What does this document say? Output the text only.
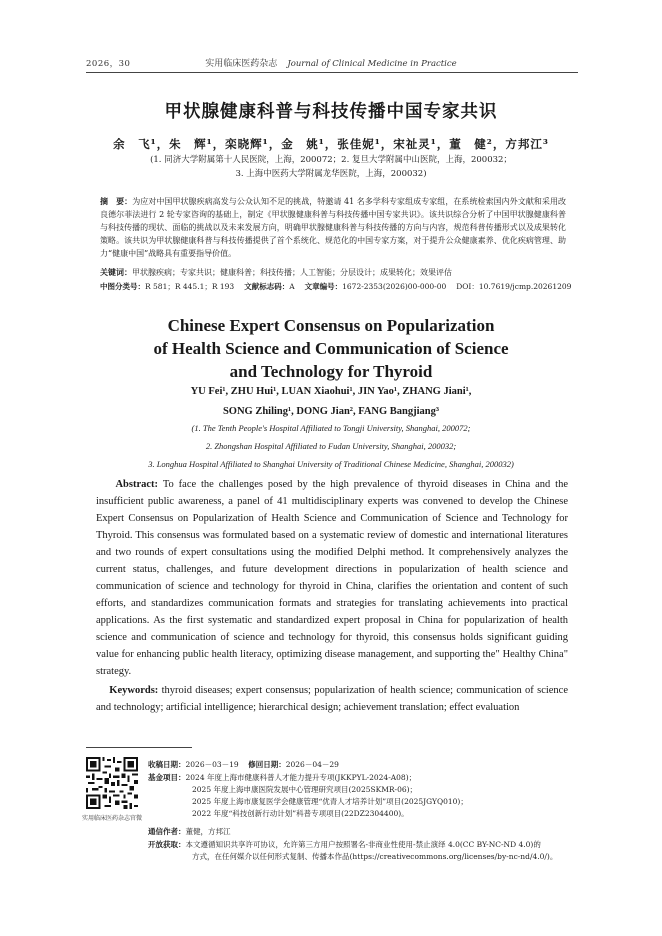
2026，30	实用临床医药杂志 Journal of Clinical Medicine in Practice
甲状腺健康科普与科技传播中国专家共识
余　飞¹，朱　辉¹，栾晓辉¹，金　姚¹，张佳妮¹，宋祉灵¹，董　健²，方邦江³
(1. 同济大学附属第十人民医院，上海，200072；2. 复旦大学附属中山医院，上海，200032；
3. 上海中医药大学附属龙华医院，上海，200032)
摘　要：为应对中国甲状腺疾病高发与公众认知不足的挑战，特邀请 41 名多学科专家组成专家组，在系统检索国内外文献和采用改良德尔菲法进行 2 轮专家咨询的基础上，制定《甲状腺健康科普与科技传播中国专家共识》。该共识综合分析了中国甲状腺健康科普与科技传播的现状、面临的挑战以及未来发展方向，明确甲状腺健康科普与科技传播的方向与内容，规范科普传播形式以及成果转化策略。该共识为甲状腺健康科普与科技传播提供了首个系统化、规范化的中国专家方案，对于提升公众健康素养、优化疾病管理、助力“健康中国”战略具有重要指导价值。
关键词：甲状腺疾病；专家共识；健康科普；科技传播；人工智能；分层设计；成果转化；效果评估
中图分类号：R 581；R 445.1；R 193 文献标志码：A 文章编号：1672-2353(2026)00-000-00 DOI：10.7619/jcmp.20261209
Chinese Expert Consensus on Popularization
of Health Science and Communication of Science
and Technology for Thyroid
YU Fei¹, ZHU Hui¹, LUAN Xiaohui¹, JIN Yao¹, ZHANG Jiani¹,
SONG Zhiling¹, DONG Jian², FANG Bangjiang³
(1. The Tenth People's Hospital Affiliated to Tongji University, Shanghai, 200072;
2. Zhongshan Hospital Affiliated to Fudan University, Shanghai, 200032;
3. Longhua Hospital Affiliated to Shanghai University of Traditional Chinese Medicine, Shanghai, 200032)
Abstract: To face the challenges posed by the high prevalence of thyroid diseases in China and the insufficient public awareness, a panel of 41 multidisciplinary experts was convened to develop the Chinese Expert Consensus on Popularization of Health Science and Communication of Science and Technology for Thyroid. This consensus was formulated based on a systematic review of domestic and international literatures and two rounds of expert consultations using the modified Delphi method. It comprehensively analyzes the current status, challenges, and future development directions in popularization of health science and communication of science and technology for thyroid in China, clarifies the orientation and content of such efforts, and standardizes communication formats and strategies for translating achievements into practical applications. As the first systematic and standardized expert proposal in China for popularization of health science and communication of science and technology for thyroid, this consensus holds significant guiding value for enhancing public health literacy, optimizing disease management, and supporting the" Healthy China" strategy.
Keywords: thyroid diseases; expert consensus; popularization of health science; communication of science and technology; artificial intelligence; hierarchical design; achievement translation; effect evaluation
实用临床医药杂志官微
收稿日期：2026－03－19 修回日期：2026－04－29
基金项目：2024 年度上海市健康科普人才能力提升专项(JKKPYL-2024-A08)；
2025 年度上海申康医院发展中心管理研究项目(2025SKMR-06)；
2025 年度上海市康复医学会健康管理“优青人才培养计划”项目(2025JGYQ010)；
2022 年度“科技创新行动计划”科普专项项目(22DZ2304400)。
通信作者：董健，方邦江
开放获取：本文遵循知识共享许可协议，允许第三方用户按照署名-非商业性使用-禁止演绎 4.0(CC BY-NC-ND 4.0)的
方式，在任何媒介以任何形式复制、传播本作品(https://creativecommons.org/licenses/by-nc-nd/4.0/)。
